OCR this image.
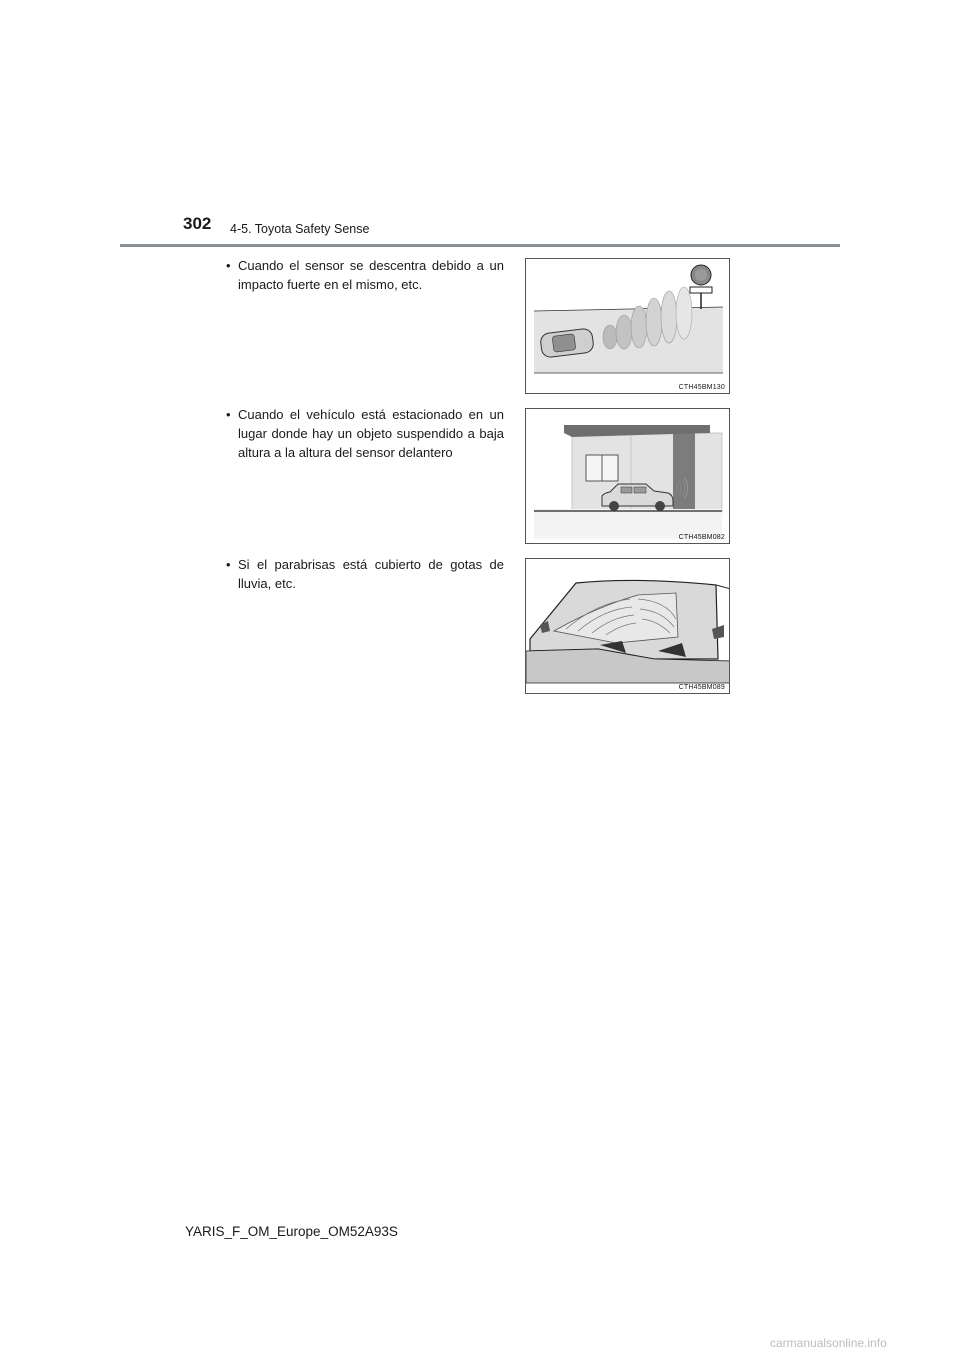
302 4-5. Toyota Safety Sense
• Cuando el sensor se descentra debido a un impacto fuerte en el mismo, etc.
CTH45BM130
• Cuando el vehículo está estacionado en un lugar donde hay un objeto suspendido a baja altura a la altura del sensor delantero
CTH45BM082
• Si el parabrisas está cubierto de gotas de lluvia, etc.
CTH45BM089
YARIS_F_OM_Europe_OM52A93S
carmanualsonline.info
